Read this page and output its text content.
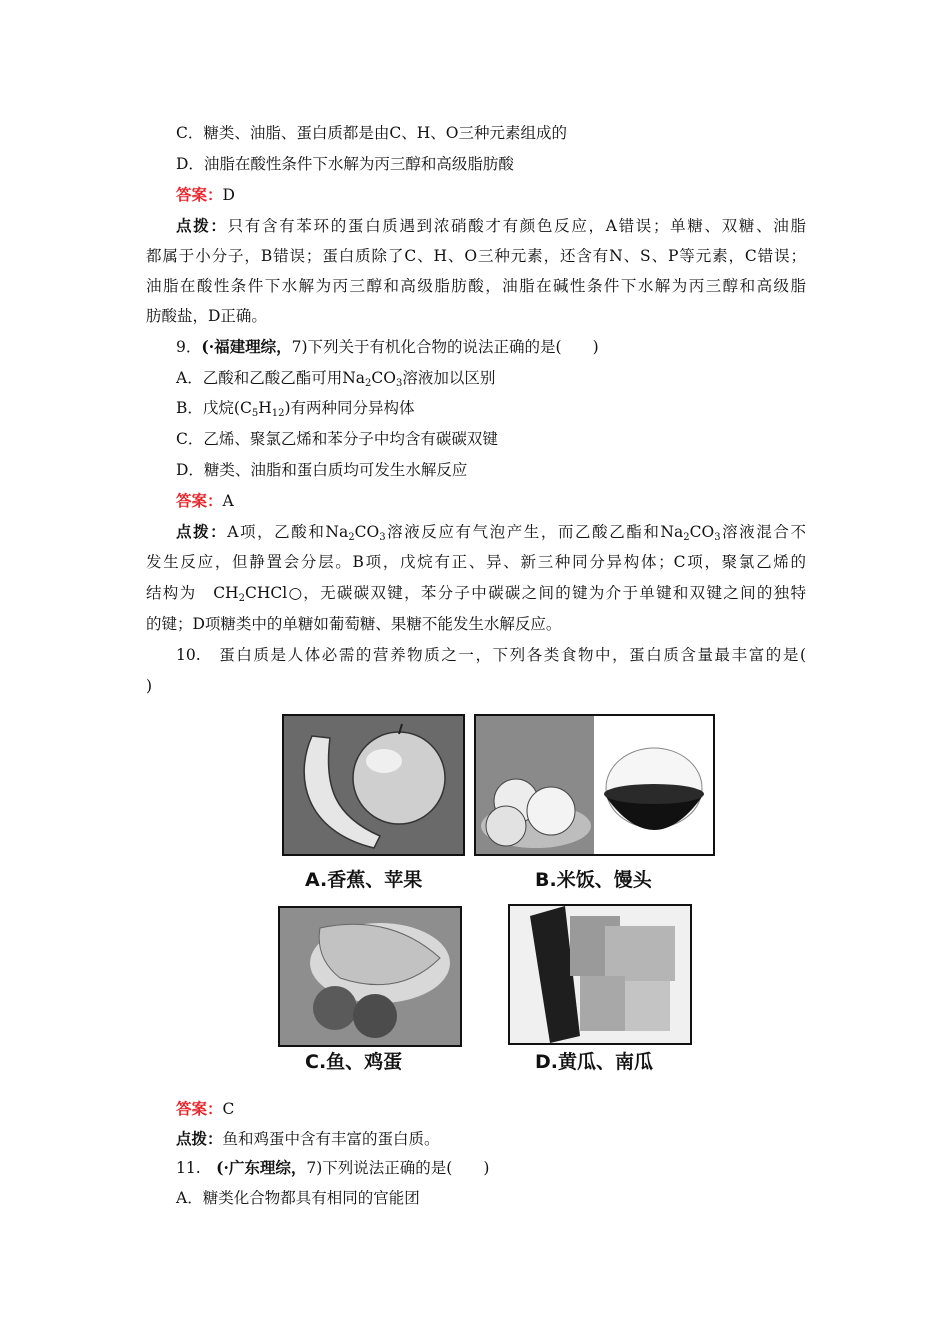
C．糖类、油脂、蛋白质都是由C、H、O三种元素组成的
D．油脂在酸性条件下水解为丙三醇和高级脂肪酸
答案：D
点拨：只有含有苯环的蛋白质遇到浓硝酸才有颜色反应，A错误；单糖、双糖、油脂
都属于小分子，B错误；蛋白质除了C、H、O三种元素，还含有N、S、P等元素，C错误；
油脂在酸性条件下水解为丙三醇和高级脂肪酸，油脂在碱性条件下水解为丙三醇和高级脂
肪酸盐，D正确。
9．(·福建理综，7)下列关于有机化合物的说法正确的是(　　)
A．乙酸和乙酸乙酯可用$Na_2CO_3$溶液加以区别
B．戊烷$(C_5H_{12})$有两种同分异构体
C．乙烯、聚氯乙烯和苯分子中均含有碳碳双键
D．糖类、油脂和蛋白质均可发生水解反应
答案：A
点拨：A项，乙酸和$Na_2CO_3$溶液反应有气泡产生，而乙酸乙酯和$Na_2CO_3$溶液混合不
发生反应，但静置会分层。B项，戊烷有正、异、新三种同分异构体；C项，聚氯乙烯的
结构为　$CH_2CHCl○$，无碳碳双键，苯分子中碳碳之间的键为介于单键和双键之间的独特
的键；D项糖类中的单糖如葡萄糖、果糖不能发生水解反应。
10.　蛋白质是人体必需的营养物质之一，下列各类食物中，蛋白质含量最丰富的是(
)
A.香蕉、苹果	B.米饭、馒头
C.鱼、鸡蛋	D.黄瓜、南瓜
答案：C
点拨：鱼和鸡蛋中含有丰富的蛋白质。
11.　(·广东理综，7)下列说法正确的是(　　)
A．糖类化合物都具有相同的官能团
